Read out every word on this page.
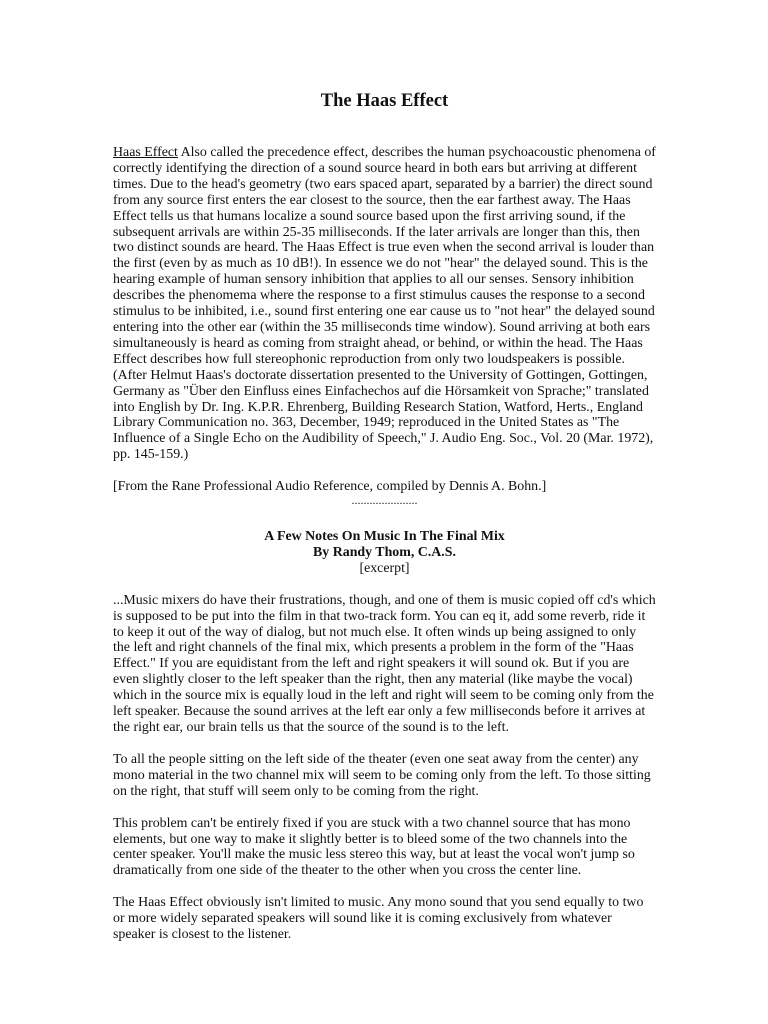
The Haas Effect

Haas Effect Also called the precedence effect, describes the human psychoacoustic phenomena of correctly identifying the direction of a sound source heard in both ears but arriving at different times. Due to the head's geometry (two ears spaced apart, separated by a barrier) the direct sound from any source first enters the ear closest to the source, then the ear farthest away. The Haas Effect tells us that humans localize a sound source based upon the first arriving sound, if the subsequent arrivals are within 25-35 milliseconds. If the later arrivals are longer than this, then two distinct sounds are heard. The Haas Effect is true even when the second arrival is louder than the first (even by as much as 10 dB!). In essence we do not "hear" the delayed sound. This is the hearing example of human sensory inhibition that applies to all our senses. Sensory inhibition describes the phenomema where the response to a first stimulus causes the response to a second stimulus to be inhibited, i.e., sound first entering one ear cause us to "not hear" the delayed sound entering into the other ear (within the 35 milliseconds time window). Sound arriving at both ears simultaneously is heard as coming from straight ahead, or behind, or within the head. The Haas Effect describes how full stereophonic reproduction from only two loudspeakers is possible. (After Helmut Haas's doctorate dissertation presented to the University of Gottingen, Gottingen, Germany as "Über den Einfluss eines Einfachechos auf die Hörsamkeit von Sprache;" translated into English by Dr. Ing. K.P.R. Ehrenberg, Building Research Station, Watford, Herts., England Library Communication no. 363, December, 1949; reproduced in the United States as "The Influence of a Single Echo on the Audibility of Speech," J. Audio Eng. Soc., Vol. 20 (Mar. 1972), pp. 145-159.)

[From the Rane Professional Audio Reference, compiled by Dennis A. Bohn.]

......................

A Few Notes On Music In The Final Mix

By Randy Thom, C.A.S.

[excerpt]

...Music mixers do have their frustrations, though, and one of them is music copied off cd's which is supposed to be put into the film in that two-track form. You can eq it, add some reverb, ride it to keep it out of the way of dialog, but not much else. It often winds up being assigned to only the left and right channels of the final mix, which presents a problem in the form of the "Haas Effect." If you are equidistant from the left and right speakers it will sound ok. But if you are even slightly closer to the left speaker than the right, then any material (like maybe the vocal) which in the source mix is equally loud in the left and right will seem to be coming only from the left speaker. Because the sound arrives at the left ear only a few milliseconds before it arrives at the right ear, our brain tells us that the source of the sound is to the left.

To all the people sitting on the left side of the theater (even one seat away from the center) any mono material in the two channel mix will seem to be coming only from the left. To those sitting on the right, that stuff will seem only to be coming from the right.

This problem can't be entirely fixed if you are stuck with a two channel source that has mono elements, but one way to make it slightly better is to bleed some of the two channels into the center speaker. You'll make the music less stereo this way, but at least the vocal won't jump so dramatically from one side of the theater to the other when you cross the center line.

The Haas Effect obviously isn't limited to music. Any mono sound that you send equally to two or more widely separated speakers will sound like it is coming exclusively from whatever speaker is closest to the listener.
